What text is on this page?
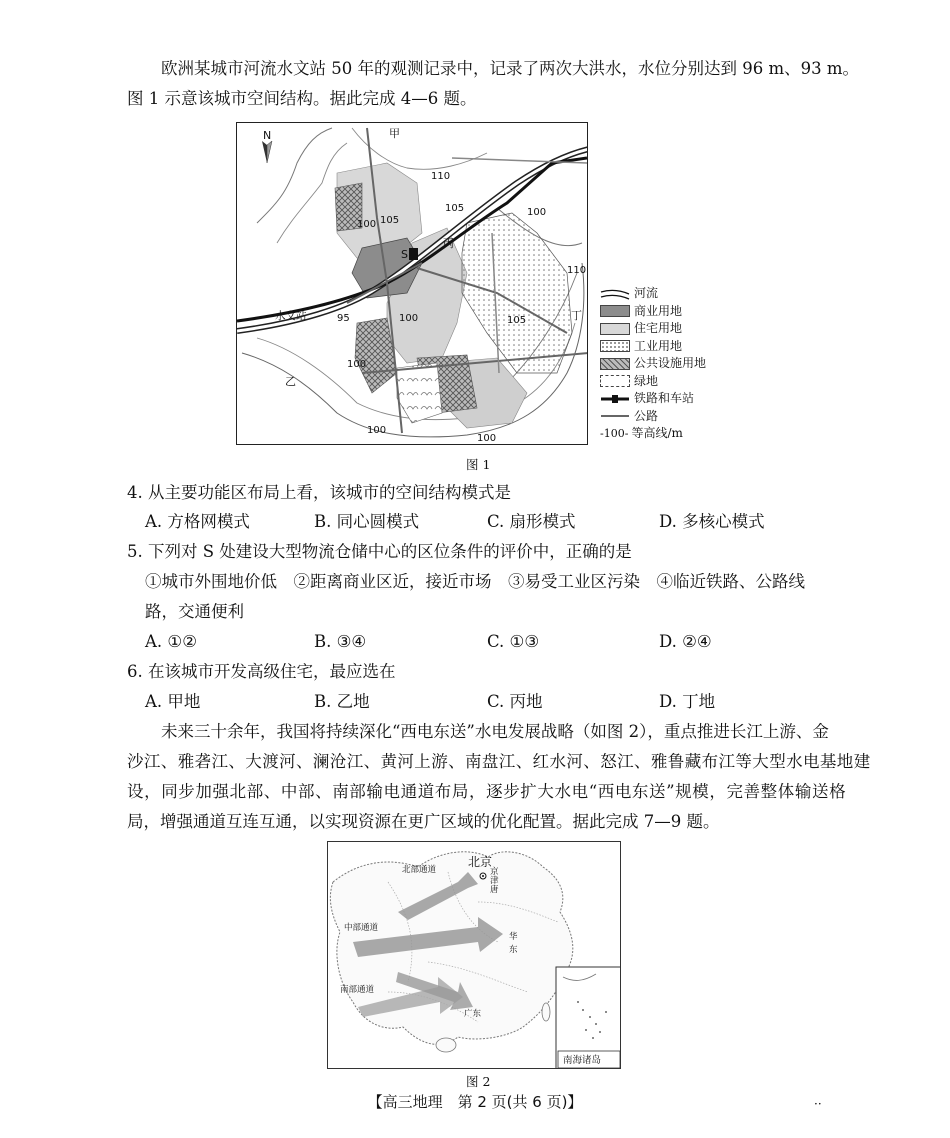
欧洲某城市河流水文站 50 年的观测记录中，记录了两次大洪水，水位分别达到 96 m、93 m。
图 1 示意该城市空间结构。据此完成 4—6 题。
N	甲
乙
丙
丁
S
水文站
110
105
105
105
100
100
100
100
100
100
95
110
河流
商业用地
住宅用地
工业用地
公共设施用地
绿地
铁路和车站
公路
-100- 等高线/m
图 1
4. 从主要功能区布局上看，该城市的空间结构模式是
A. 方格网模式	B. 同心圆模式	C. 扇形模式	D. 多核心模式
5. 下列对 S 处建设大型物流仓储中心的区位条件的评价中，正确的是
①城市外围地价低　②距离商业区近，接近市场　③易受工业区污染　④临近铁路、公路线
路，交通便利
A. ①②	B. ③④	C. ①③	D. ②④
6. 在该城市开发高级住宅，最应选在
A. 甲地	B. 乙地	C. 丙地	D. 丁地
未来三十余年，我国将持续深化“西电东送”水电发展战略（如图 2），重点推进长江上游、金
沙江、雅砻江、大渡河、澜沧江、黄河上游、南盘江、红水河、怒江、雅鲁藏布江等大型水电基地建
设，同步加强北部、中部、南部输电通道布局，逐步扩大水电“西电东送”规模，完善整体输送格
局，增强通道互连互通，以实现资源在更广区域的优化配置。据此完成 7—9 题。
北京
京
津
唐
北部通道
中部通道
南部通道
华
东
广东
南海诸岛
图 2
【高三地理　第 2 页(共 6 页)】	··
